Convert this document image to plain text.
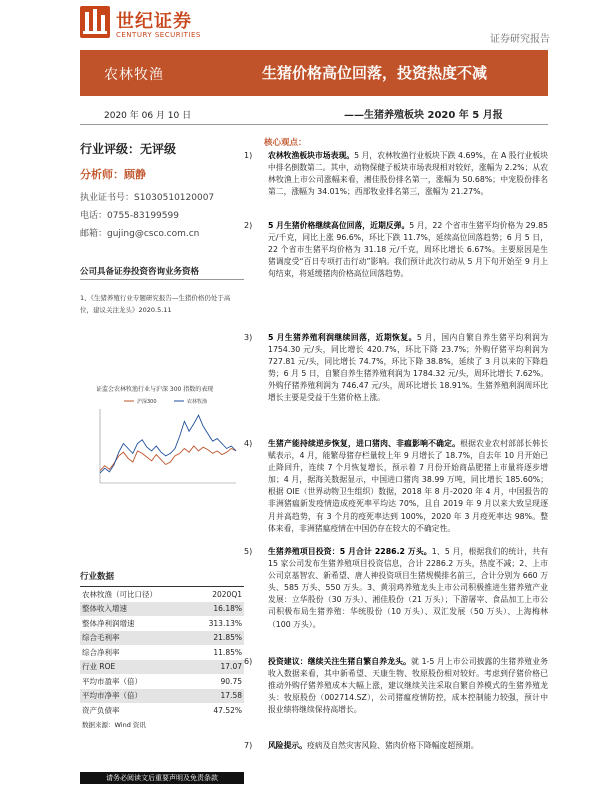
世纪证券
CENTURY SECURITIES	证券研究报告
农林牧渔	生猪价格高位回落，投资热度不减
2020 年 06 月 10 日	——生猪养殖板块 2020 年 5 月报
行业评级：无评级
分析师：顾静
执业证书号：S1030510120007
电话：0755-83199599
邮箱：gujing@csco.com.cn
公司具备证券投资咨询业务资格
1、《生猪养殖行业专题研究报告—生猪价格仍处于高位，建议关注龙头》2020.5.11
证监会农林牧渔行业与沪深 300 指数的表现
沪深300	农林牧渔
行业数据
农林牧渔（可比口径）	2020Q1
整体收入增速	16.18%
整体净利润增速	313.13%
综合毛利率	21.85%
综合净利率	11.85%
行业 ROE	17.07
平均市盈率（倍）	90.75
平均市净率（倍）	17.58
资产负债率	47.52%
数据来源：Wind 资讯
请务必阅读文后重要声明及免责条款
核心观点：
1) 农林牧渔板块市场表现。5 月，农林牧渔行业板块下跌 4.69%，在 A 股行业板块中排名倒数第二。其中，动物保健子板块市场表现相对较好，涨幅为 2.2%；从农林牧渔上市公司涨幅来看，湘佳股份排名第一，涨幅为 50.68%；中宠股份排名第二，涨幅为 34.01%；西部牧业排名第三，涨幅为 21.27%。
2) 5 月生猪价格继续高位回落，近期反弹。5 月，22 个省市生猪平均价格为 29.85 元/千克，同比上涨 96.6%，环比下跌 11.7%，延续高位回落趋势；6 月 5 日，22 个省市生猪平均价格为 31.18 元/千克，周环比增长 6.67%。主要原因是生猪调度受“百日专项打击行动”影响。我们预计此次行动从 5 月下旬开始至 9 月上旬结束，将延缓猪肉价格高位回落趋势。
3) 5 月生猪养殖利润继续回落，近期恢复。5 月，国内自繁自养生猪平均利润为 1754.30 元/头，同比增长 420.7%，环比下降 23.7%；外购仔猪平均利润为 727.81 元/头，同比增长 74.7%，环比下降 38.8%，延续了 3 月以来的下降趋势；6 月 5 日，自繁自养生猪养殖利润为 1784.32 元/头，周环比增长 7.62%。外购仔猪养殖利润为 746.47 元/头，周环比增长 18.91%。生猪养殖利润周环比增长主要是受益于生猪价格上涨。
4) 生猪产能持续逆步恢复，进口猪肉、非瘟影响不确定。根据农业农村部部长韩长赋表示，4 月，能繁母猪存栏量较上年 9 月增长了 18.7%，自去年 10 月开始已止降回升，连续 7 个月恢复增长，预示着 7 月份开始商品肥猪上市量将逐步增加；4 月，据海关数据显示，中国进口猪肉 38.99 万吨，同比增长 185.60%；根据 OIE（世界动物卫生组织）数据，2018 年 8 月-2020 年 4 月，中国报告的非洲猪瘟新发疫情造成疫死率平均达 70%，且自 2019 年 9 月以来大致呈现逐月并高趋势，有 3 个月的疫死率达到 100%，2020 年 3 月疫死率达 98%。整体来看，非洲猪瘟疫情在中国仍存在较大的不确定性。
5) 生猪养殖项目投资：5 月合计 2286.2 万头。1、5 月，根据我们的统计，共有 15 家公司发布生猪养殖项目投资信息，合计 2286.2 万头，热度不减；2、上市公司京基智农、新希望、唐人神投资项目生猪规模排名前三，合计分别为 660 万头、585 万头、550 万头。3、黄羽鸡养殖龙头上市公司积极推进生猪养殖产业发展：立华股份（30 万头）、湘佳股份（21 万头）；下游屠宰、食品加工上市公司积极布局生猪养殖：华统股份（10 万头）、双汇发展（50 万头）、上海梅林（100 万头）。
6) 投资建议：继续关注生猪自繁自养龙头。就 1-5 月上市公司披露的生猪养殖业务收入数据来看，其中新希望、天康生物、牧原股份相对较好。考虑到仔猪价格已推动外购仔猪养殖成本大幅上涨，建议继续关注采取自繁自养模式的生猪养殖龙头：牧原股份（002714.SZ），公司猪瘟疫情防控，成本控制能力较强，预计中报业绩将继续保持高增长。
7) 风险提示。疫病及自然灾害风险、猪肉价格下降幅度超预期。
